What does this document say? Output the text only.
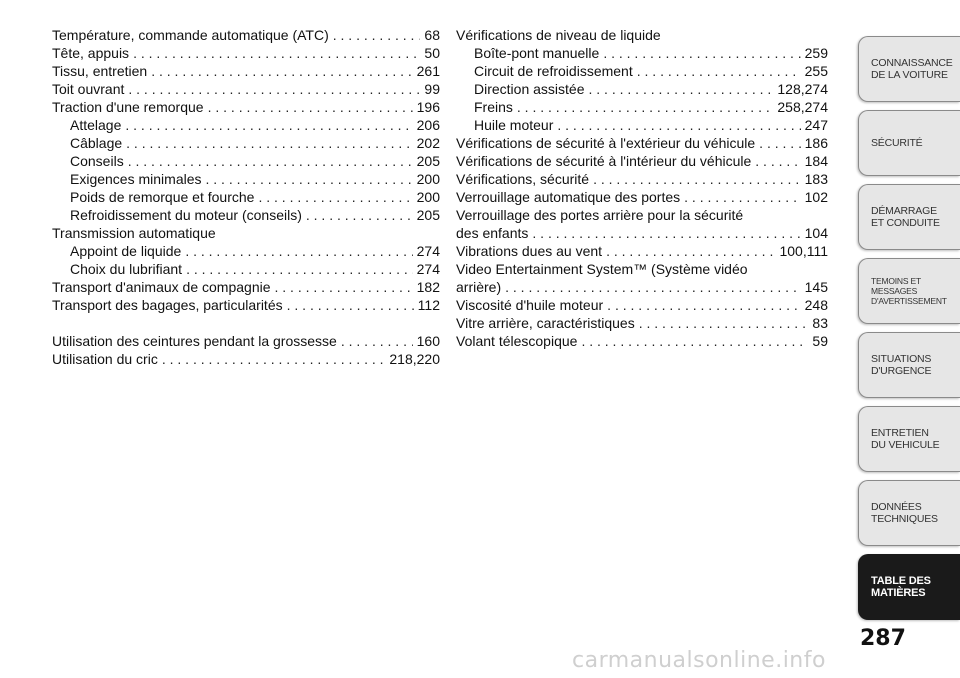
Température, commande automatique (ATC) . . .	68
Tête, appuis . . .	50
Tissu, entretien . . .	261
Toit ouvrant . . .	99
Traction d'une remorque . . .	196
Attelage . . .	206
Câblage . . .	202
Conseils . . .	205
Exigences minimales . . .	200
Poids de remorque et fourche . . .	200
Refroidissement du moteur (conseils) . . .	205
Transmission automatique
Appoint de liquide . . .	274
Choix du lubrifiant . . .	274
Transport d'animaux de compagnie . . .	182
Transport des bagages, particularités . . .	112
Utilisation des ceintures pendant la grossesse . . .	160
Utilisation du cric . . .	218,220
Vérifications de niveau de liquide
Boîte-pont manuelle . . .	259
Circuit de refroidissement . . .	255
Direction assistée . . .	128,274
Freins . . .	258,274
Huile moteur . . .	247
Vérifications de sécurité à l'extérieur du véhicule . . .	186
Vérifications de sécurité à l'intérieur du véhicule . . .	184
Vérifications, sécurité . . .	183
Verrouillage automatique des portes . . .	102
Verrouillage des portes arrière pour la sécurité
des enfants . . .	104
Vibrations dues au vent . . .	100,111
Video Entertainment System™ (Système vidéo
arrière) . . .	145
Viscosité d'huile moteur . . .	248
Vitre arrière, caractéristiques . . .	83
Volant télescopique . . .	59
CONNAISSANCE
DE LA VOITURE
SÉCURITÉ
DÉMARRAGE
ET CONDUITE
TEMOINS ET
MESSAGES
D'AVERTISSEMENT
SITUATIONS
D'URGENCE
ENTRETIEN
DU VEHICULE
DONNÉES
TECHNIQUES
TABLE DES
MATIÈRES
287
carmanualsonline.info
